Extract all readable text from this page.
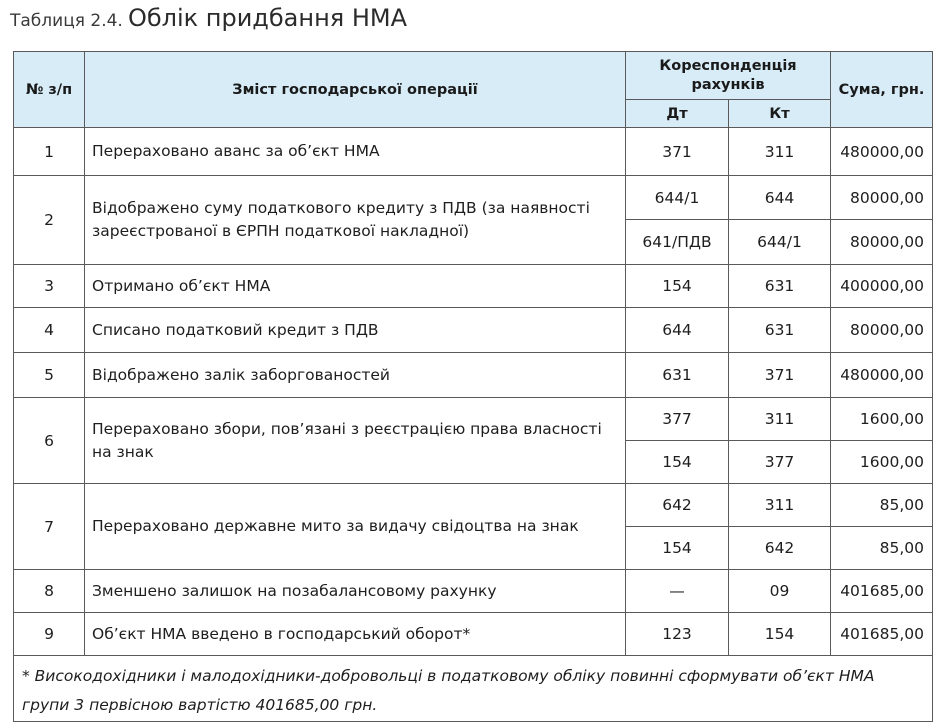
Таблиця 2.4. Облік придбання НМА
№ з/п	Зміст господарської операції	Кореспонденція рахунків		Сума, грн.
		Дт	Кт	
1	Перераховано аванс за об’єкт НМА	371	311	480000,00
2	Відображено суму податкового кредиту з ПДВ (за наявності зареєстрованої в ЄРПН податкової накладної)	644/1	644	80000,00
		641/ПДВ	644/1	80000,00
3	Отримано об’єкт НМА	154	631	400000,00
4	Списано податковий кредит з ПДВ	644	631	80000,00
5	Відображено залік заборгованостей	631	371	480000,00
6	Перераховано збори, пов’язані з реєстрацією права власності на знак	377	311	1600,00
		154	377	1600,00
7	Перераховано державне мито за видачу свідоцтва на знак	642	311	85,00
		154	642	85,00
8	Зменшено залишок на позабалансовому рахунку	—	09	401685,00
9	Об’єкт НМА введено в господарський оборот*	123	154	401685,00
* Високодохідники і малодохідники-добровольці в податковому обліку повинні сформувати об’єкт НМА групи 3 первісною вартістю 401685,00 грн.				
